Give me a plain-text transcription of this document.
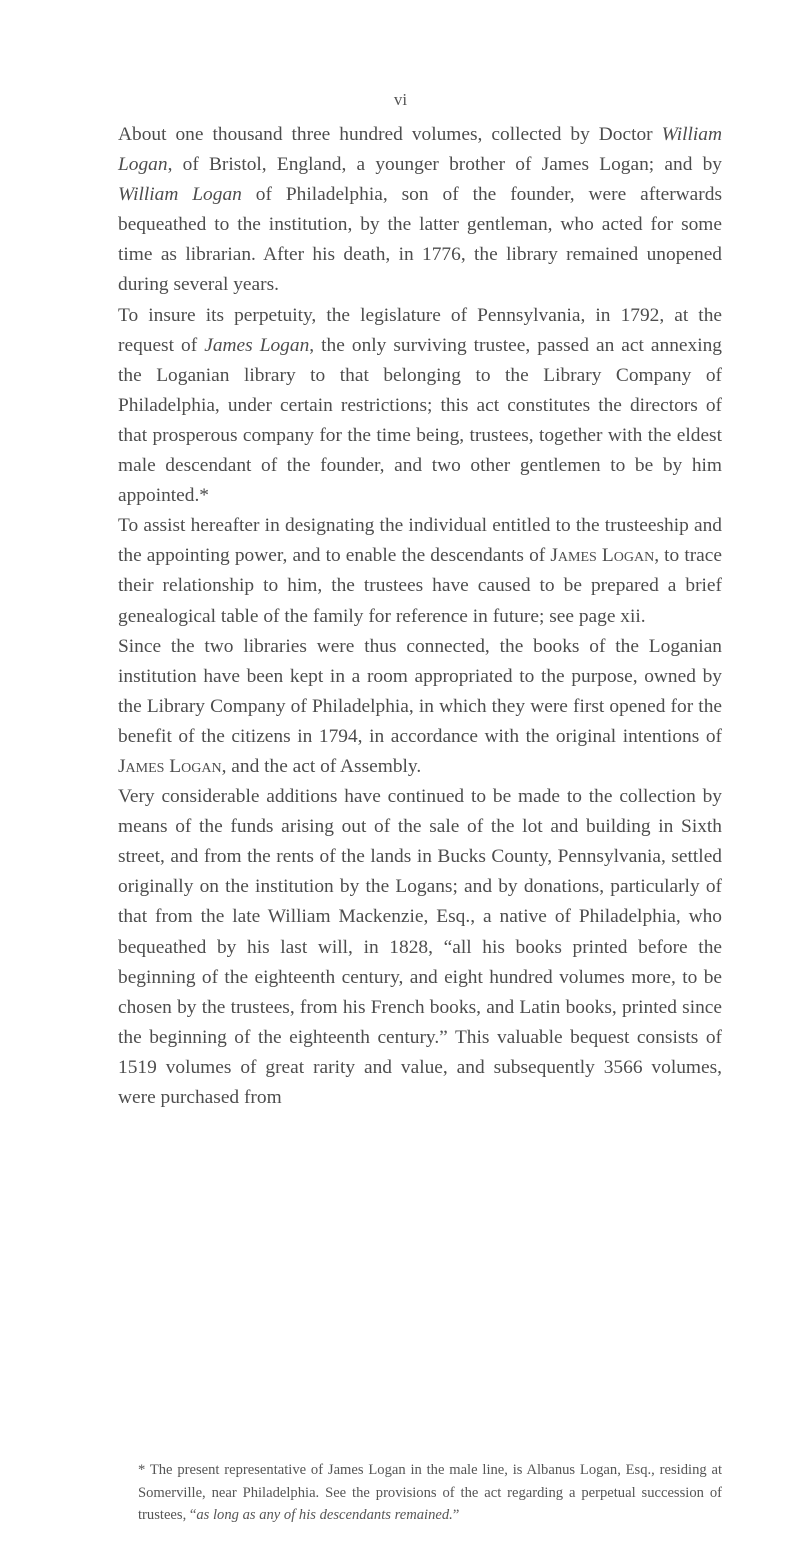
vi

About one thousand three hundred volumes, collected by Doctor William Logan, of Bristol, England, a younger brother of James Logan; and by William Logan of Philadelphia, son of the founder, were afterwards bequeathed to the institution, by the latter gentleman, who acted for some time as librarian. After his death, in 1776, the library remained unopened during several years.

To insure its perpetuity, the legislature of Pennsylvania, in 1792, at the request of James Logan, the only surviving trustee, passed an act annexing the Loganian library to that belonging to the Library Company of Philadelphia, under certain restrictions; this act constitutes the directors of that prosperous company for the time being, trustees, together with the eldest male descendant of the founder, and two other gentlemen to be by him appointed.*

To assist hereafter in designating the individual entitled to the trusteeship and the appointing power, and to enable the descendants of James Logan, to trace their relationship to him, the trustees have caused to be prepared a brief genealogical table of the family for reference in future; see page xii.

Since the two libraries were thus connected, the books of the Loganian institution have been kept in a room appropriated to the purpose, owned by the Library Company of Philadelphia, in which they were first opened for the benefit of the citizens in 1794, in accordance with the original intentions of James Logan, and the act of Assembly.

Very considerable additions have continued to be made to the collection by means of the funds arising out of the sale of the lot and building in Sixth street, and from the rents of the lands in Bucks County, Pennsylvania, settled originally on the institution by the Logans; and by donations, particularly of that from the late William Mackenzie, Esq., a native of Philadelphia, who bequeathed by his last will, in 1828, “all his books printed before the beginning of the eighteenth century, and eight hundred volumes more, to be chosen by the trustees, from his French books, and Latin books, printed since the beginning of the eighteenth century.” This valuable bequest consists of 1519 volumes of great rarity and value, and subsequently 3566 volumes, were purchased from

* The present representative of James Logan in the male line, is Albanus Logan, Esq., residing at Somerville, near Philadelphia. See the provisions of the act regarding a perpetual succession of trustees, “as long as any of his descendants remained.”
